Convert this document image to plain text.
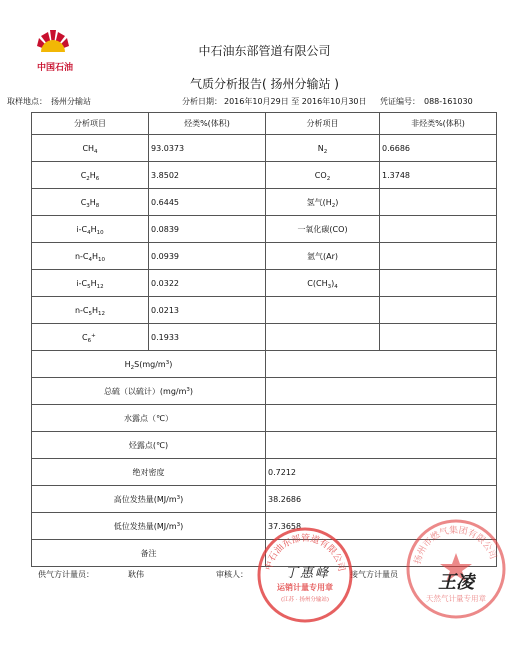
中国石油
中石油东部管道有限公司
气质分析报告( 扬州分输站 )
取样地点： 扬州分输站	分析日期： 2016年10月29日 至 2016年10月30日 凭证编号： 088-161030
分析项目	烃类%(体积)	分析项目	非烃类%(体积)
$CH_4$	93.0373	$N_2$	0.6686
$C_2H_6$	3.8502	$CO_2$	1.3748
$C_3H_8$	0.6445	氢气$(H_2)$	
$i-C_4H_{10}$	0.0839	一氧化碳(CO)	
$n-C_4H_{10}$	0.0939	氩气(Ar)	
$i-C_5H_{12}$	0.0322	$C(CH_3)_4$	
$n-C_5H_{12}$	0.0213		
$C_6^+$	0.1933		
$H_2S(mg/m^3)$			
总硫（以硫计）$(mg/m^3)$			
水露点（℃）			
烃露点(℃)			
绝对密度		0.7212	
高位发热量$(MJ/m^3)$		38.2686	
低位发热量$(MJ/m^3)$		37.3658	
备注			
供气方计量员：	耿伟	审核人：	接气方计量员
中石油东部管道有限公司
运销计量专用章
(江苏 · 扬州分输站)
丁惠峰
扬州市燃气集团有限公司
天然气计量专用章
王凌
